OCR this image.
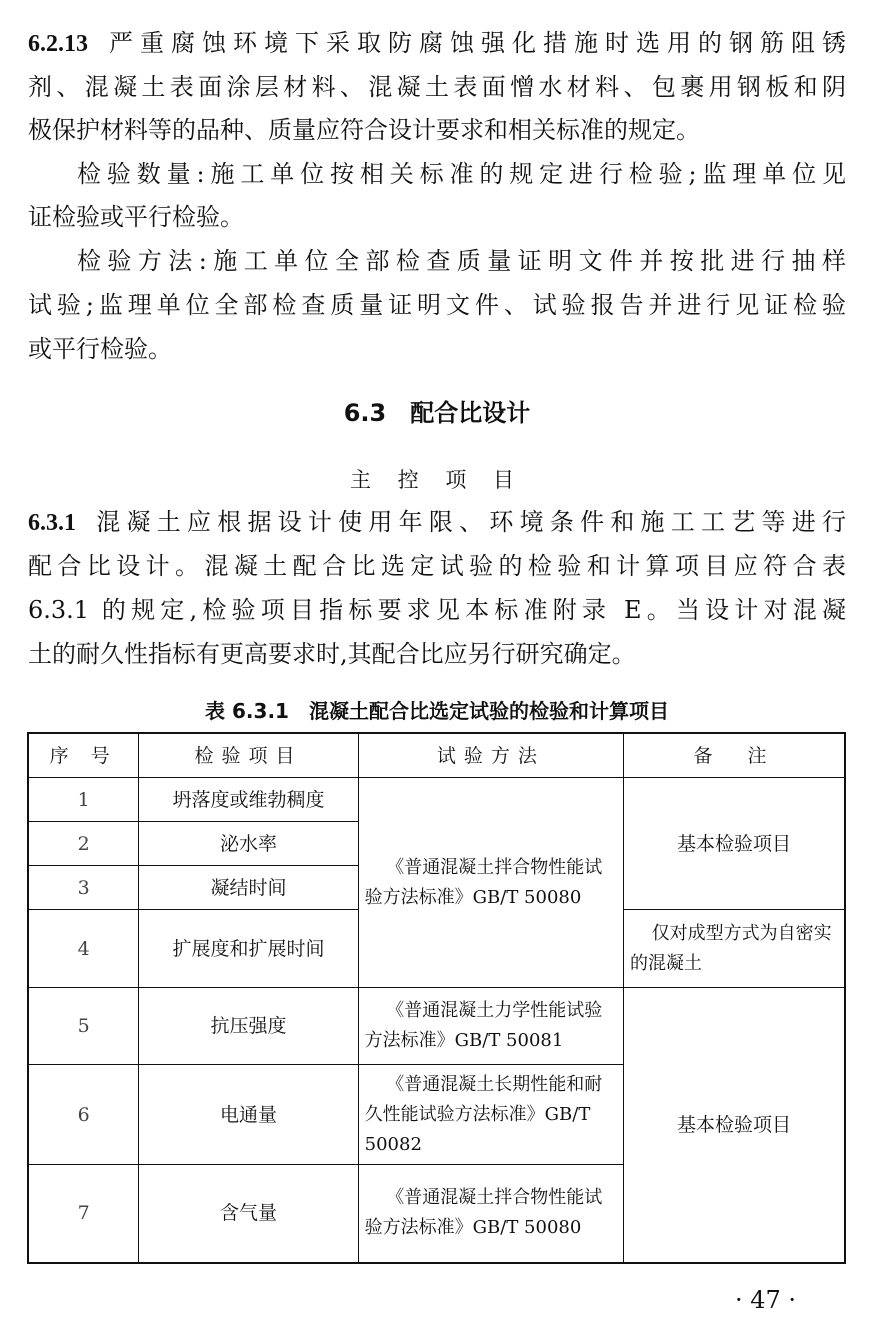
6.2.13 严重腐蚀环境下采取防腐蚀强化措施时选用的钢筋阻锈
剂、混凝土表面涂层材料、混凝土表面憎水材料、包裹用钢板和阴
极保护材料等的品种、质量应符合设计要求和相关标准的规定。
检验数量:施工单位按相关标准的规定进行检验;监理单位见
证检验或平行检验。
检验方法:施工单位全部检查质量证明文件并按批进行抽样
试验;监理单位全部检查质量证明文件、试验报告并进行见证检验
或平行检验。
6.3　配合比设计
主 控 项 目
6.3.1 混凝土应根据设计使用年限、环境条件和施工工艺等进行
配合比设计。混凝土配合比选定试验的检验和计算项目应符合表
6.3.1 的规定,检验项目指标要求见本标准附录 E。当设计对混凝
土的耐久性指标有更高要求时,其配合比应另行研究确定。
表 6.3.1　混凝土配合比选定试验的检验和计算项目
序 号	检验项目	试验方法	备　注
1	坍落度或维勃稠度	《普通混凝土拌合物性能试验方法标准》GB/T 50080	基本检验项目
2	泌水率		
3	凝结时间		
4	扩展度和扩展时间		仅对成型方式为自密实的混凝土
5	抗压强度	《普通混凝土力学性能试验方法标准》GB/T 50081	基本检验项目
6	电通量	《普通混凝土长期性能和耐久性能试验方法标准》GB/T 50082	
7	含气量	《普通混凝土拌合物性能试验方法标准》GB/T 50080	
· 47 ·
